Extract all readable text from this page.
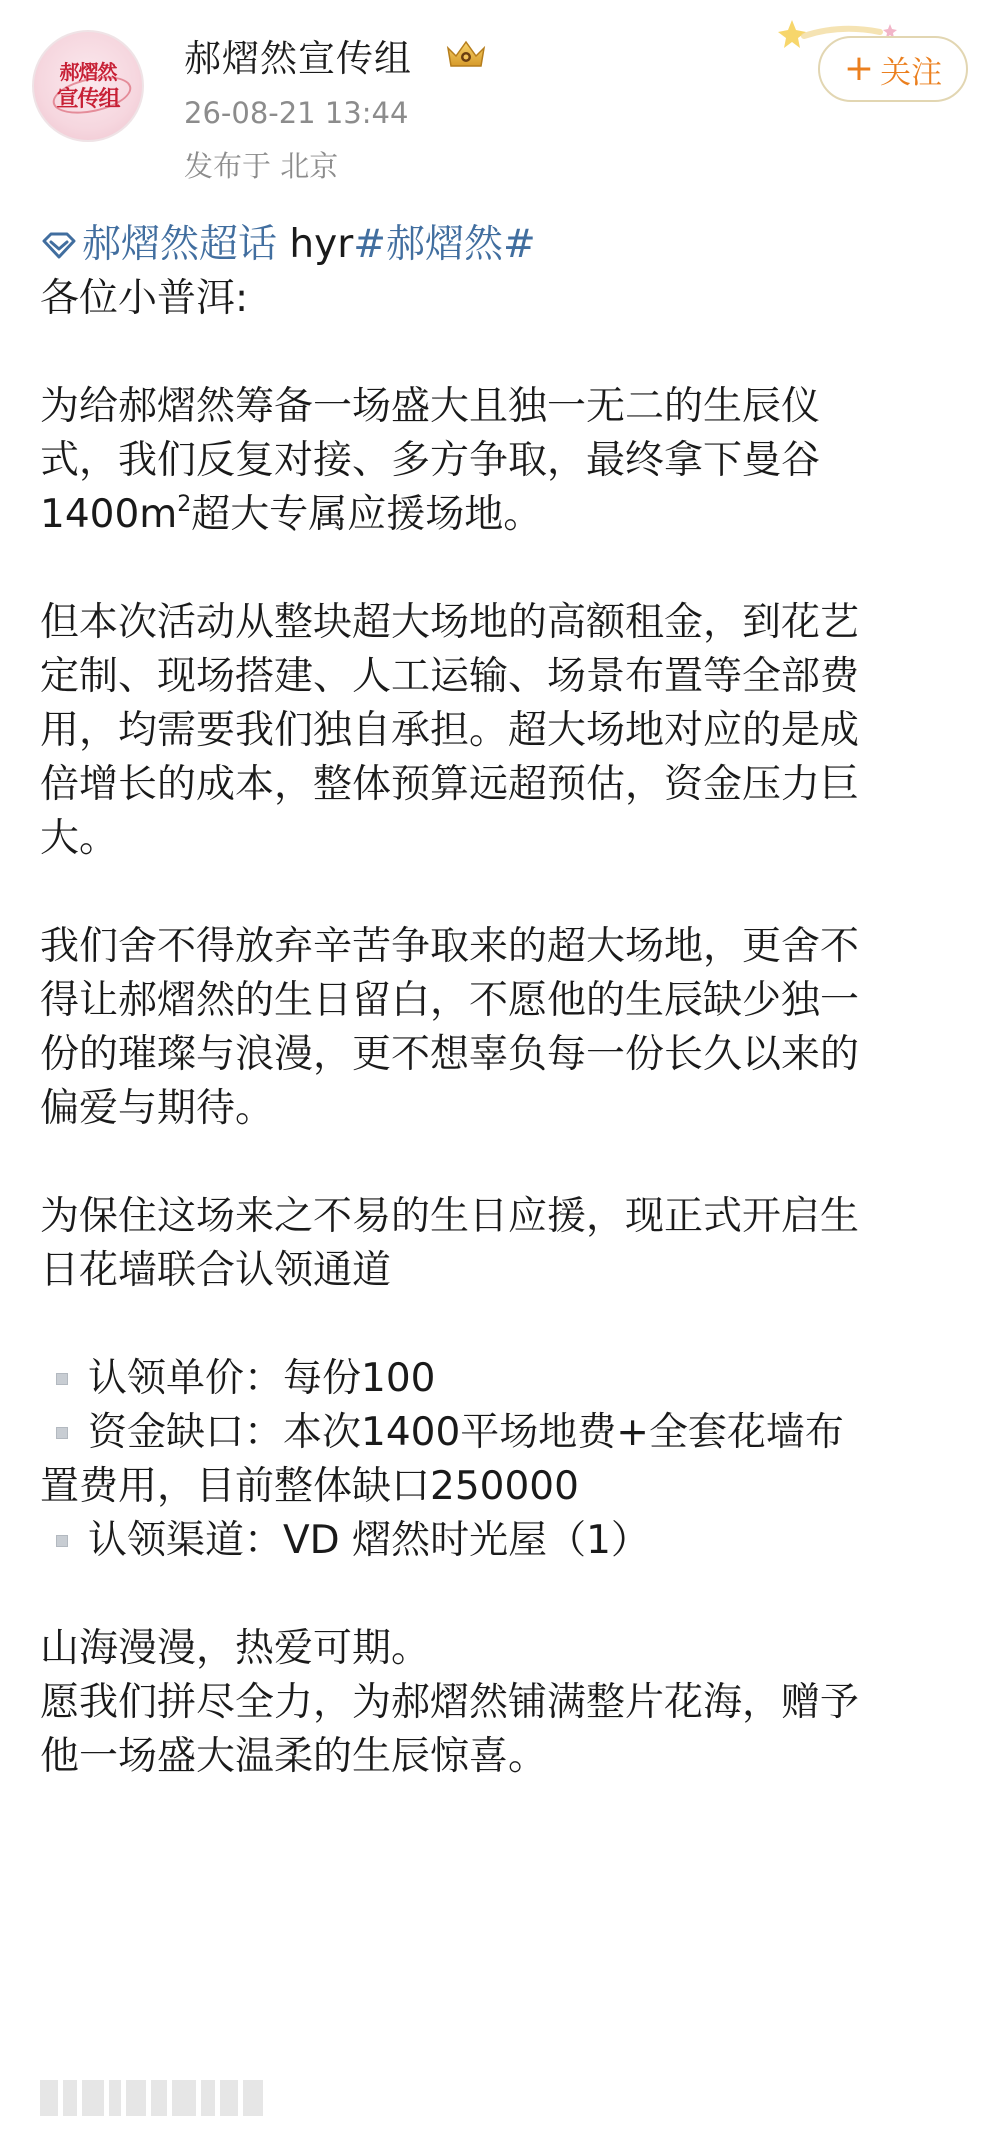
郝熠然
宣传组
郝熠然宣传组
26-08-21 13:44
发布于 北京
+ 关注
郝熠然超话 hyr#郝熠然#
各位小普洱:
为给郝熠然筹备一场盛大且独一无二的生辰仪
式，我们反复对接、多方争取，最终拿下曼谷
$1400m^2$超大专属应援场地。
但本次活动从整块超大场地的高额租金，到花艺
定制、现场搭建、人工运输、场景布置等全部费
用，均需要我们独自承担。超大场地对应的是成
倍增长的成本，整体预算远超预估，资金压力巨
大。
我们舍不得放弃辛苦争取来的超大场地，更舍不
得让郝熠然的生日留白，不愿他的生辰缺少独一
份的璀璨与浪漫，更不想辜负每一份长久以来的
偏爱与期待。
为保住这场来之不易的生日应援，现正式开启生
日花墙联合认领通道
认领单价：每份100
资金缺口：本次1400平场地费+全套花墙布
置费用，目前整体缺口250000
认领渠道：VD 熠然时光屋（1）
山海漫漫，热爱可期。
愿我们拼尽全力，为郝熠然铺满整片花海，赠予
他一场盛大温柔的生辰惊喜。
